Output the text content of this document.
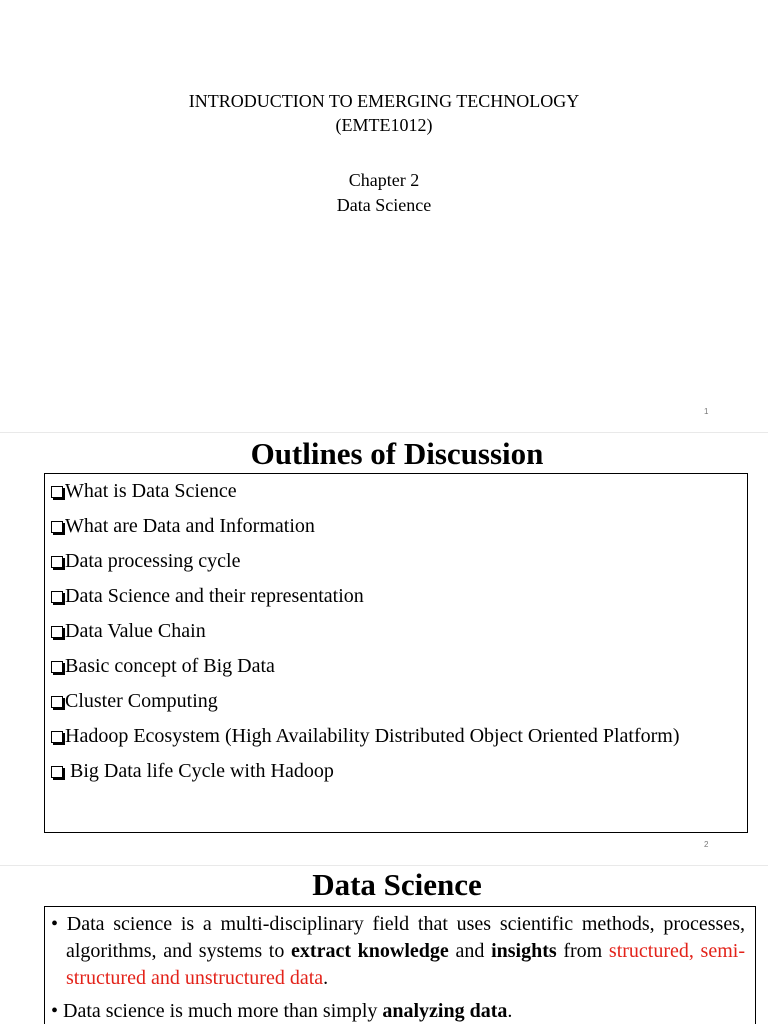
INTRODUCTION TO EMERGING TECHNOLOGY
(EMTE1012)
Chapter 2
Data Science
1
Outlines of Discussion
What is Data Science
What are Data and Information
Data processing cycle
Data Science and their representation
Data Value Chain
Basic concept of Big Data
Cluster Computing
Hadoop Ecosystem (High Availability Distributed Object Oriented Platform)
Big Data life Cycle with Hadoop
2
Data Science
• Data science is a multi-disciplinary field that uses scientific methods, processes, algorithms, and systems to extract knowledge and insights from structured, semi-structured and unstructured data.
• Data science is much more than simply analyzing data.
